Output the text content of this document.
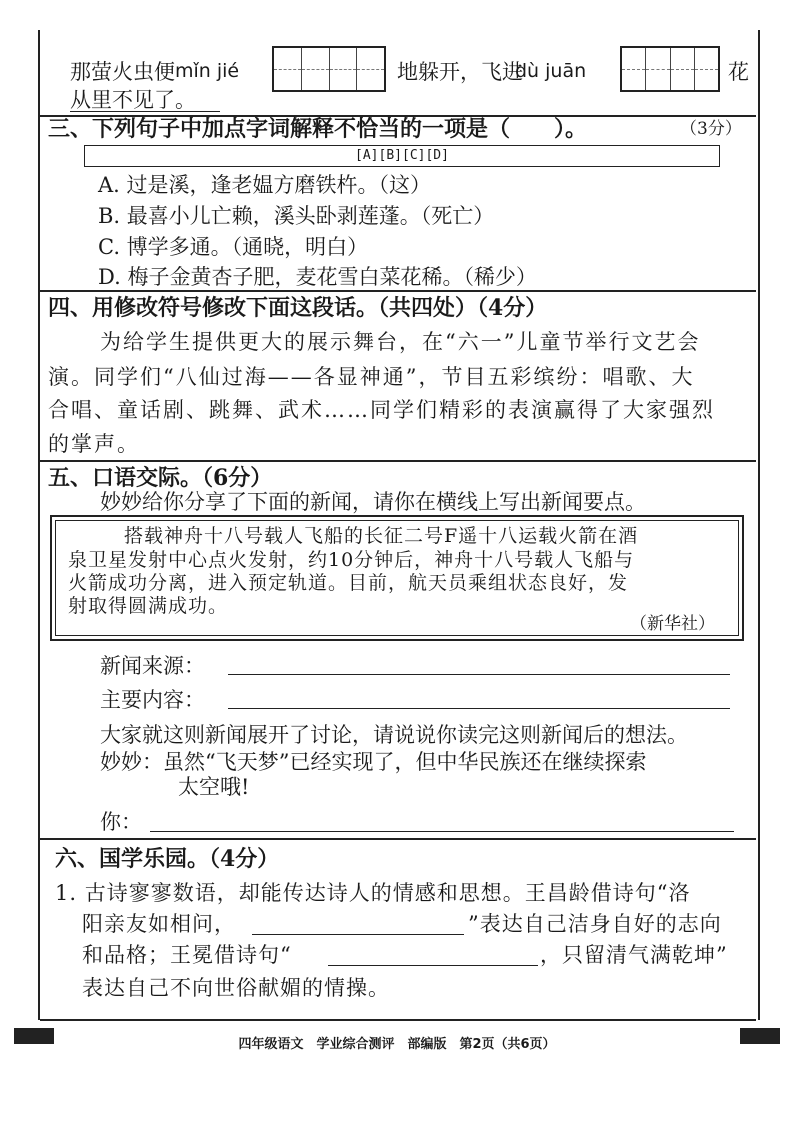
那萤火虫便 mǐn jié	地躲开，飞进
dù juān	花
从里不见了。
三、下列句子中加点字词解释不恰当的一项是（　　）。	（3分）
[A][B][C][D]
A. 过是溪，逢老媪方磨铁杵。（这）
B. 最喜小儿亡赖，溪头卧剥莲蓬。（死亡）
C. 博学多通。（通晓，明白）
D. 梅子金黄杏子肥，麦花雪白菜花稀。（稀少）
四、用修改符号修改下面这段话。（共四处）（4分）
为给学生提供更大的展示舞台，在“六一”儿童节举行文艺会
演。同学们“八仙过海——各显神通”，节目五彩缤纷：唱歌、大
合唱、童话剧、跳舞、武术……同学们精彩的表演赢得了大家强烈
的掌声。
五、口语交际。（6分）
妙妙给你分享了下面的新闻，请你在横线上写出新闻要点。
搭载神舟十八号载人飞船的长征二号F遥十八运载火箭在酒
泉卫星发射中心点火发射，约10分钟后，神舟十八号载人飞船与
火箭成功分离，进入预定轨道。目前，航天员乘组状态良好，发
射取得圆满成功。
（新华社）
新闻来源：
主要内容：
大家就这则新闻展开了讨论，请说说你读完这则新闻后的想法。
妙妙：虽然“飞天梦”已经实现了，但中华民族还在继续探索
太空哦!
你：
六、国学乐园。（4分）
1. 古诗寥寥数语，却能传达诗人的情感和思想。王昌龄借诗句“洛
阳亲友如相问，	”表达自己洁身自好的志向
和品格；王冕借诗句“	，只留清气满乾坤”
表达自己不向世俗献媚的情操。
四年级语文　学业综合测评　部编版　第2页（共6页）
